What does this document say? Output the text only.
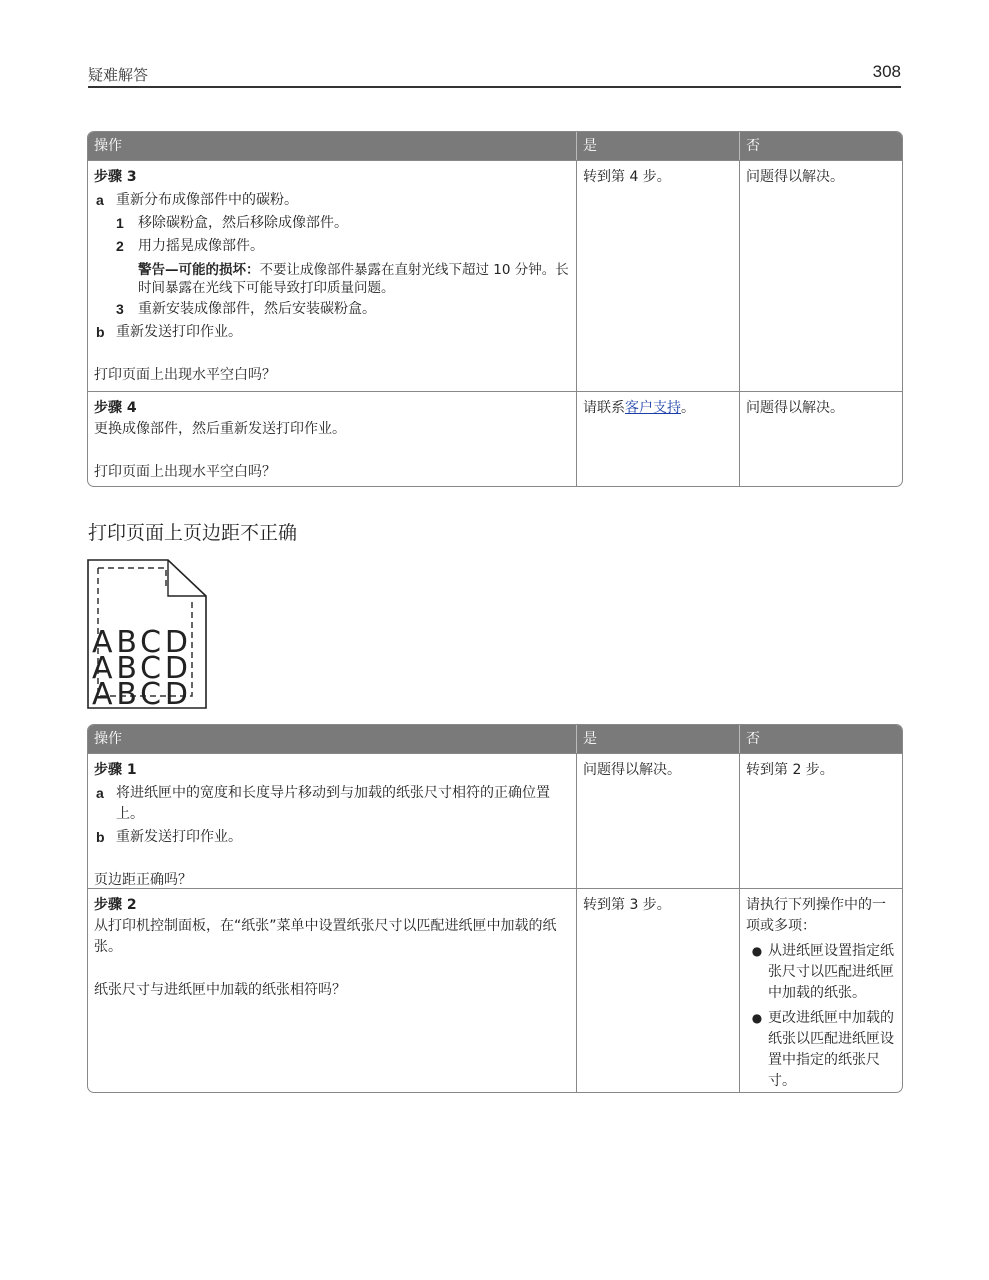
疑难解答	308
操作	是	否
步骤 3
a 重新分布成像部件中的碳粉。
1	移除碳粉盒，然后移除成像部件。
2	用力摇晃成像部件。
警告—可能的损坏：不要让成像部件暴露在直射光线下超过 10 分钟。长时间暴露在光线下可能导致打印质量问题。
3	重新安装成像部件，然后安装碳粉盒。
b 重新发送打印作业。
打印页面上出现水平空白吗？
转到第 4 步。	问题得以解决。
步骤 4
更换成像部件，然后重新发送打印作业。
打印页面上出现水平空白吗？
请联系客户支持。	问题得以解决。
打印页面上页边距不正确
ABCD
ABCD
ABCD
操作	是	否
步骤 1
a 将进纸匣中的宽度和长度导片移动到与加载的纸张尺寸相符的正确位置上。
b 重新发送打印作业。
页边距正确吗？
问题得以解决。	转到第 2 步。
步骤 2
从打印机控制面板，在“纸张”菜单中设置纸张尺寸以匹配进纸匣中加载的纸张。
纸张尺寸与进纸匣中加载的纸张相符吗？
转到第 3 步。	请执行下列操作中的一项或多项：
● 从进纸匣设置指定纸张尺寸以匹配进纸匣中加载的纸张。
● 更改进纸匣中加载的纸张以匹配进纸匣设置中指定的纸张尺寸。
